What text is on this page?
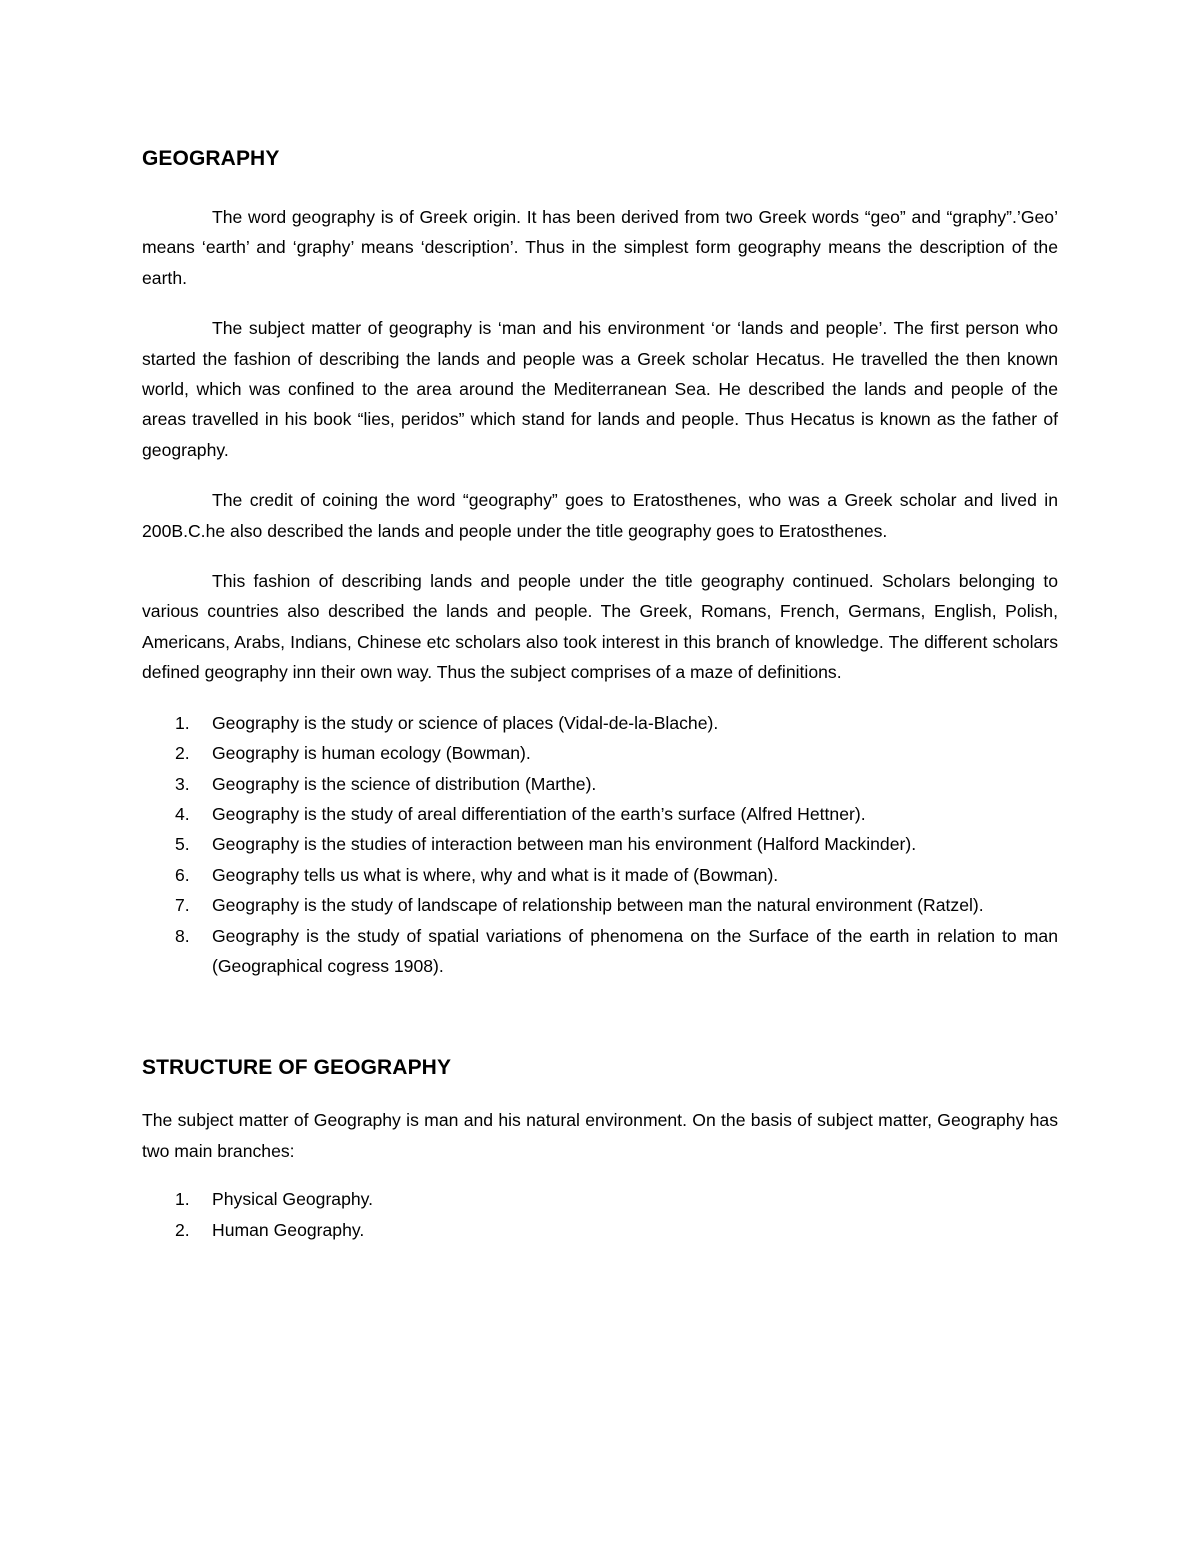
GEOGRAPHY

The word geography is of Greek origin. It has been derived from two Greek words “geo” and “graphy”.’Geo’ means ‘earth’ and ‘graphy’ means ‘description’. Thus in the simplest form geography means the description of the earth.

The subject matter of geography is ‘man and his environment ‘or ‘lands and people’. The first person who started the fashion of describing the lands and people was a Greek scholar Hecatus. He travelled the then known world, which was confined to the area around the Mediterranean Sea. He described the lands and people of the areas travelled in his book “lies, peridos” which stand for lands and people. Thus Hecatus is known as the father of geography.

The credit of coining the word “geography” goes to Eratosthenes, who was a Greek scholar and lived in 200B.C.he also described the lands and people under the title geography goes to Eratosthenes.

This fashion of describing lands and people under the title geography continued. Scholars belonging to various countries also described the lands and people. The Greek, Romans, French, Germans, English, Polish, Americans, Arabs, Indians, Chinese etc scholars also took interest in this branch of knowledge. The different scholars defined geography inn their own way. Thus the subject comprises of a maze of definitions.

1. Geography is the study or science of places (Vidal-de-la-Blache).
2. Geography is human ecology (Bowman).
3. Geography is the science of distribution (Marthe).
4. Geography is the study of areal differentiation of the earth’s surface (Alfred Hettner).
5. Geography is the studies of interaction between man his environment (Halford Mackinder).
6. Geography tells us what is where, why and what is it made of (Bowman).
7. Geography is the study of landscape of relationship between man the natural environment (Ratzel).
8. Geography is the study of spatial variations of phenomena on the Surface of the earth in relation to man (Geographical cogress 1908).
STRUCTURE OF GEOGRAPHY

The subject matter of Geography is man and his natural environment. On the basis of subject matter, Geography has two main branches:

1. Physical Geography.
2. Human Geography.
